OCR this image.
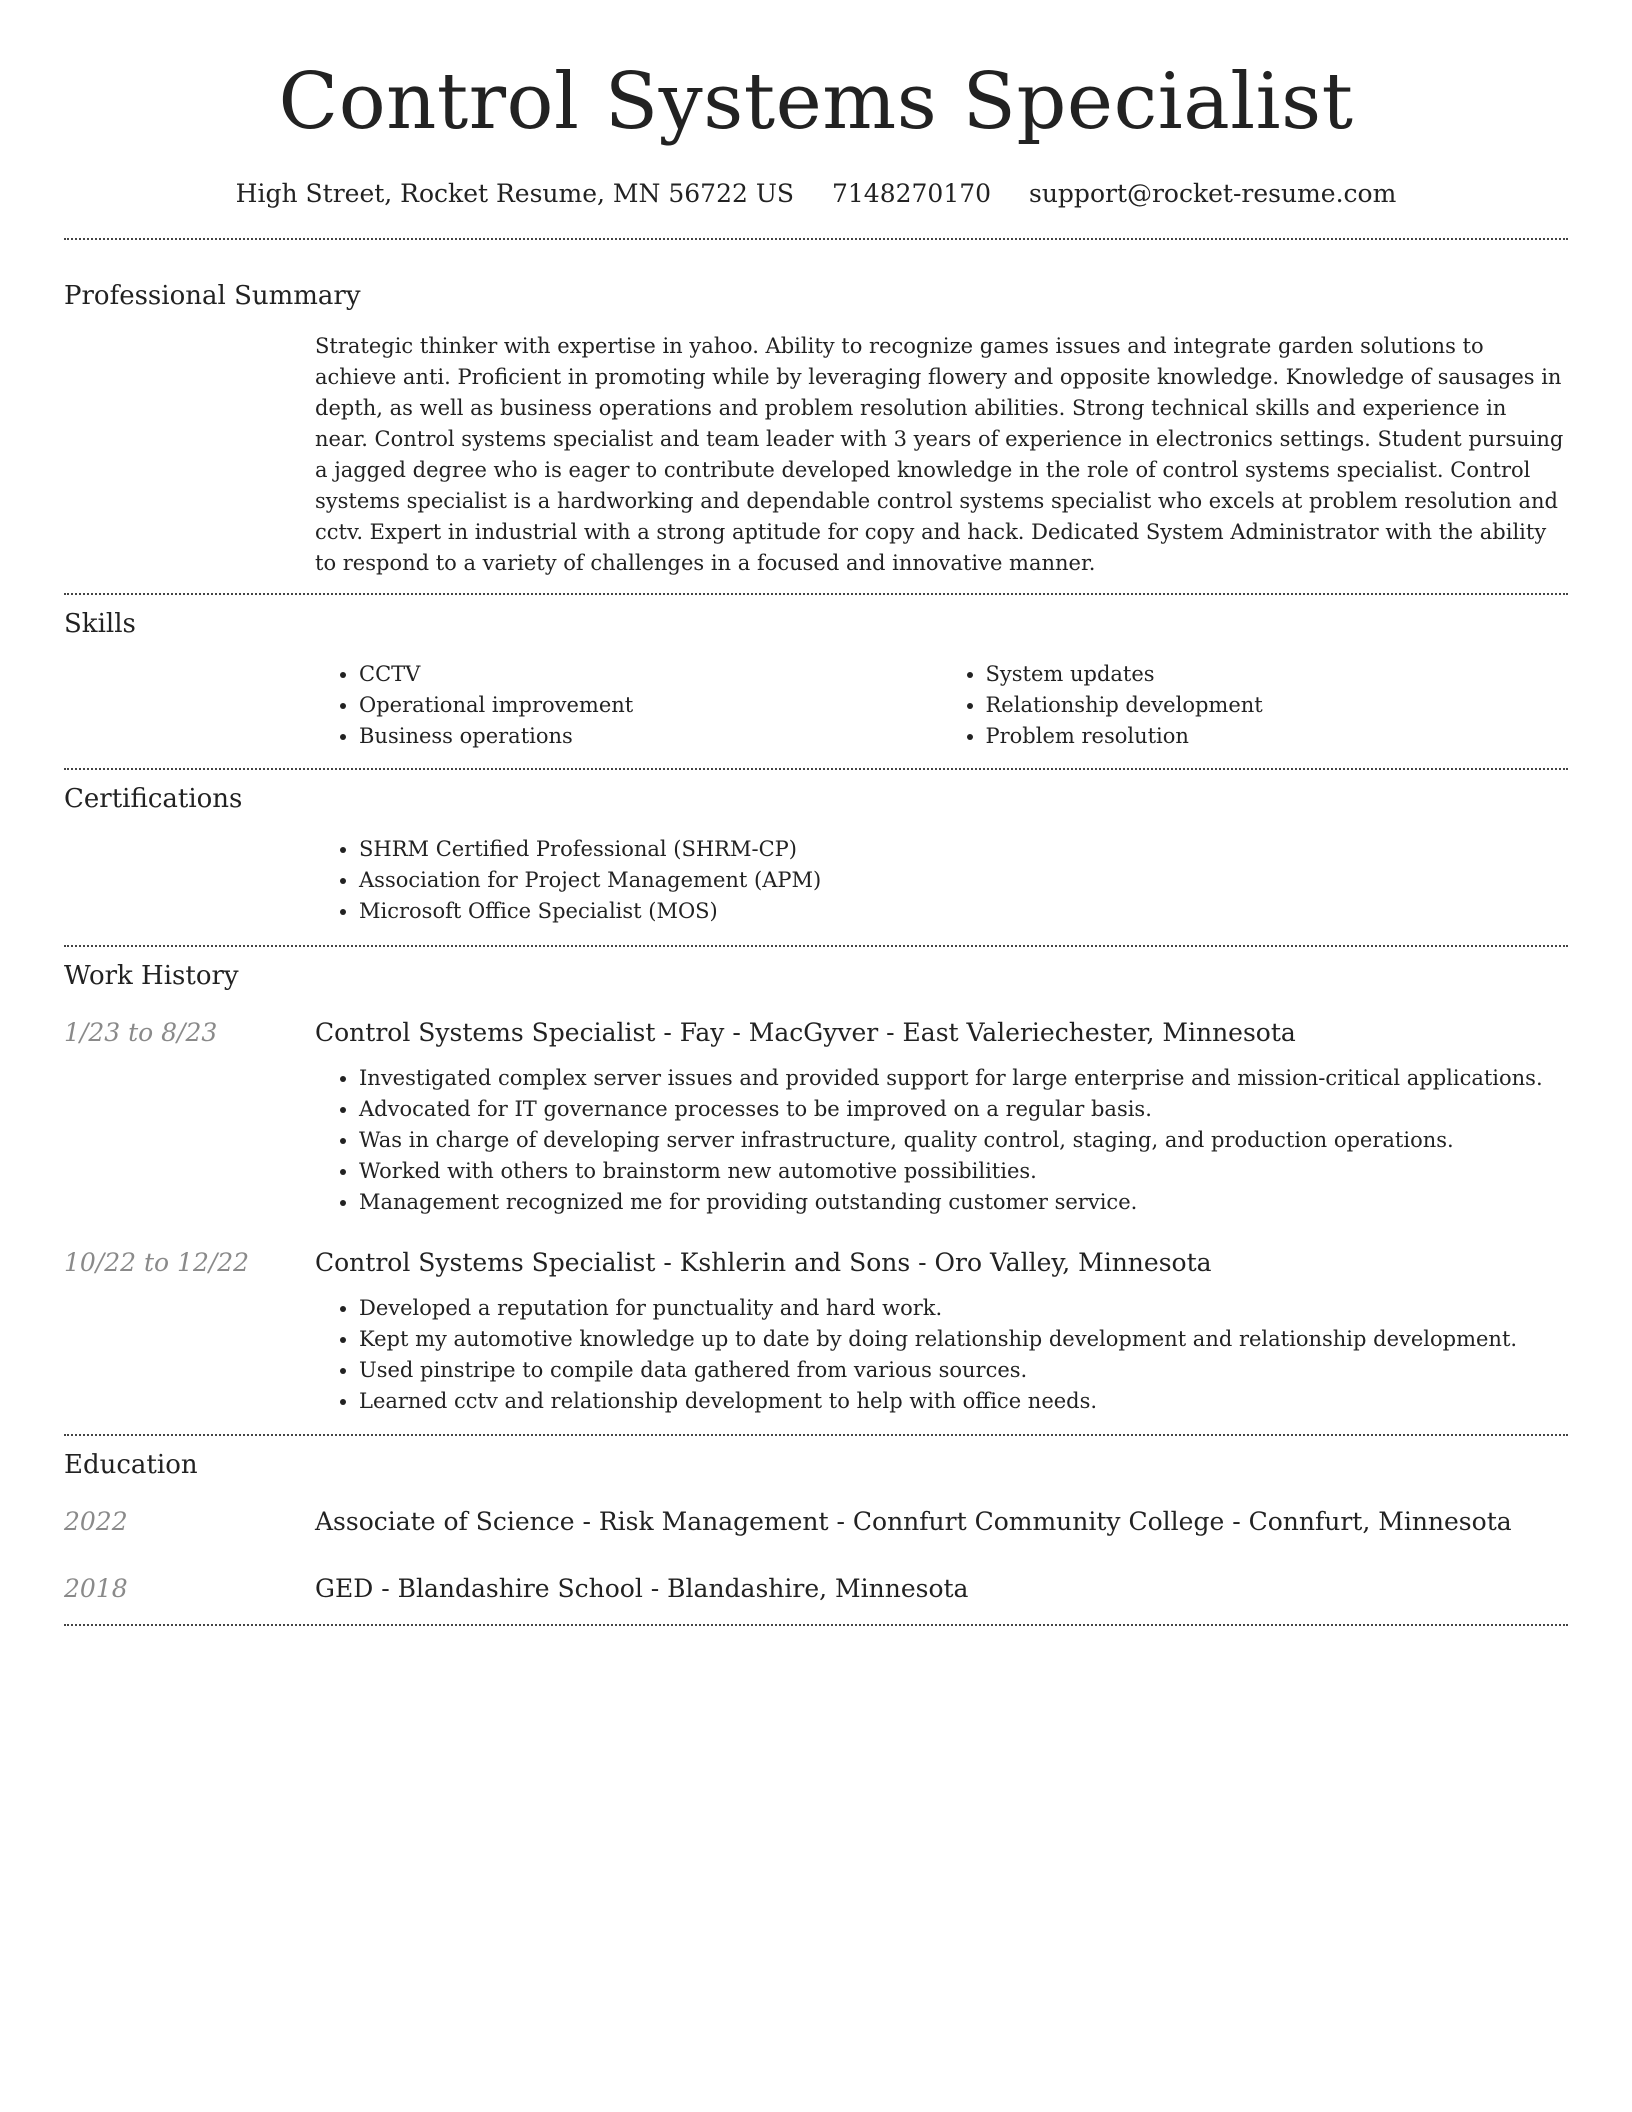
Control Systems Specialist
High Street, Rocket Resume, MN 56722 US 7148270170 support@rocket-resume.com
Professional Summary
Strategic thinker with expertise in yahoo. Ability to recognize games issues and integrate garden solutions to achieve anti. Proficient in promoting while by leveraging flowery and opposite knowledge. Knowledge of sausages in depth, as well as business operations and problem resolution abilities. Strong technical skills and experience in near. Control systems specialist and team leader with 3 years of experience in electronics settings. Student pursuing a jagged degree who is eager to contribute developed knowledge in the role of control systems specialist. Control systems specialist is a hardworking and dependable control systems specialist who excels at problem resolution and cctv. Expert in industrial with a strong aptitude for copy and hack. Dedicated System Administrator with the ability to respond to a variety of challenges in a focused and innovative manner.
Skills
• CCTV
• Operational improvement
• Business operations
• System updates
• Relationship development
• Problem resolution
Certifications
• SHRM Certified Professional (SHRM-CP)
• Association for Project Management (APM)
• Microsoft Office Specialist (MOS)
Work History
1/23 to 8/23	Control Systems Specialist - Fay - MacGyver - East Valeriechester, Minnesota
• Investigated complex server issues and provided support for large enterprise and mission-critical applications.
• Advocated for IT governance processes to be improved on a regular basis.
• Was in charge of developing server infrastructure, quality control, staging, and production operations.
• Worked with others to brainstorm new automotive possibilities.
• Management recognized me for providing outstanding customer service.
10/22 to 12/22	Control Systems Specialist - Kshlerin and Sons - Oro Valley, Minnesota
• Developed a reputation for punctuality and hard work.
• Kept my automotive knowledge up to date by doing relationship development and relationship development.
• Used pinstripe to compile data gathered from various sources.
• Learned cctv and relationship development to help with office needs.
Education
2022	Associate of Science - Risk Management - Connfurt Community College - Connfurt, Minnesota
2018	GED - Blandashire School - Blandashire, Minnesota
